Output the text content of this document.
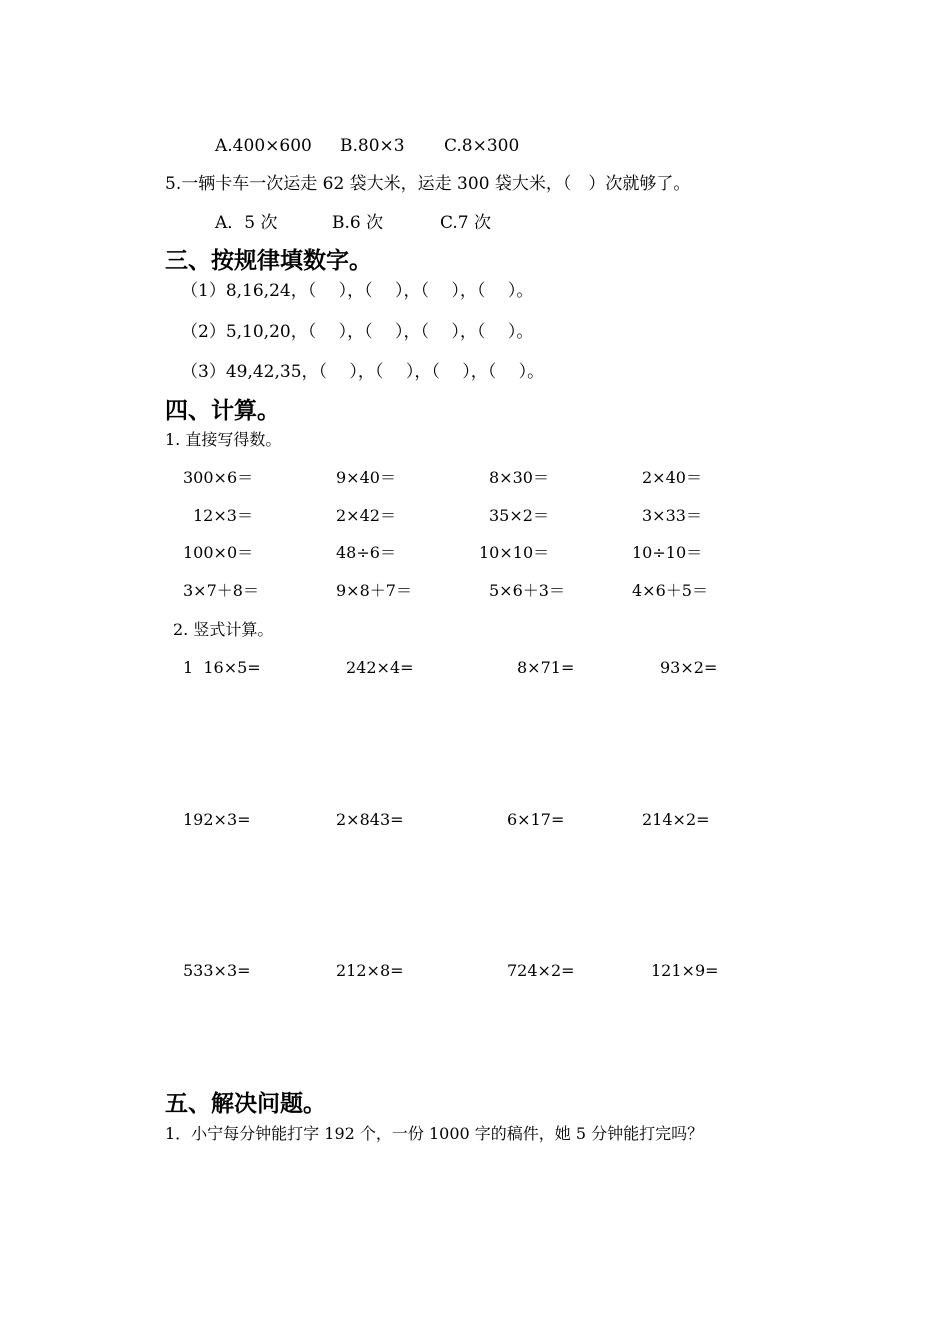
A.400×600 B.80×3 C.8×300
5.一辆卡车一次运走 62 袋大米，运走 300 袋大米，（　）次就够了。
A．5 次	B.6 次	C.7 次
三、按规律填数字。
（1）8,16,24，（　 ），（　 ），（　 ），（　 ）。
（2）5,10,20，（　 ），（　 ），（　 ），（　 ）。
（3）49,42,35，（　 ），（　 ），（　 ），（　 ）。
四、计算。
1. 直接写得数。
300×6＝	9×40＝	8×30＝	2×40＝
12×3＝	2×42＝	35×2＝	3×33＝
100×0＝	48÷6＝	10×10＝	10÷10＝
3×7＋8＝	9×8＋7＝	5×6＋3＝	4×6＋5＝
2. 竖式计算。
1  16×5=	242×4=	8×71=	93×2=
192×3=	2×843=	6×17=	214×2=
533×3=	212×8=	724×2=	121×9=
五、解决问题。
1．小宁每分钟能打字 192 个，一份 1000 字的稿件，她 5 分钟能打完吗？
